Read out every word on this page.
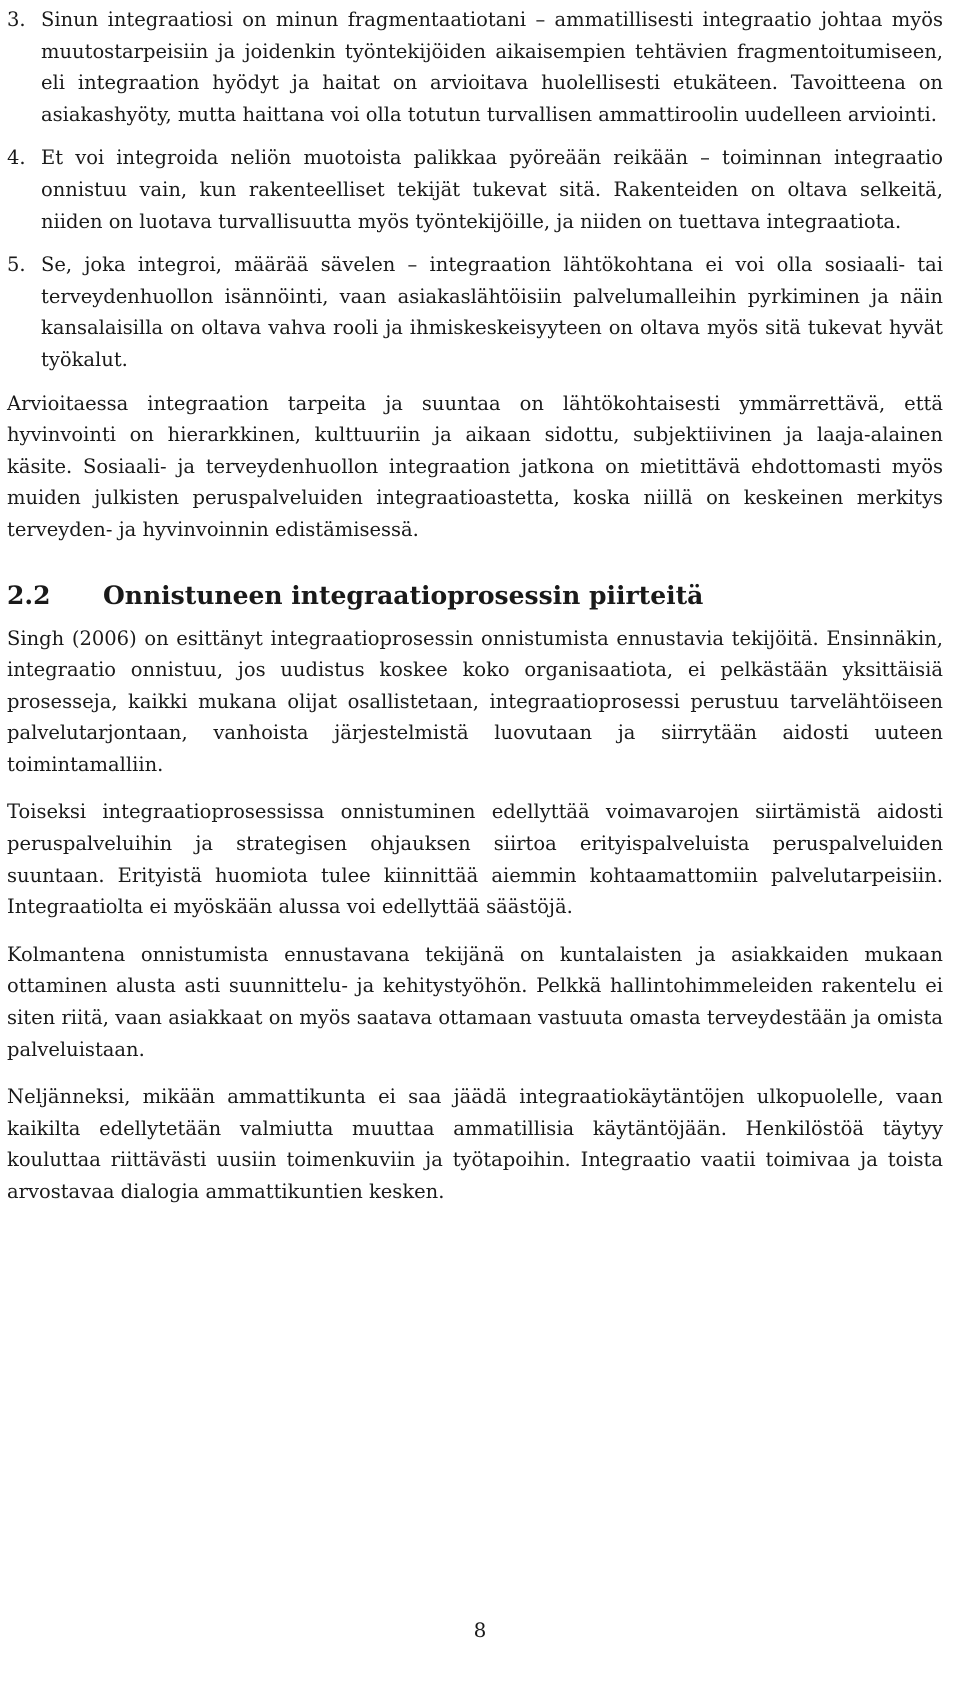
3. Sinun integraatiosi on minun fragmentaatiotani – ammatillisesti integraatio johtaa myös muutostarpeisiin ja joidenkin työntekijöiden aikaisempien tehtävien fragmentoitumiseen, eli integraation hyödyt ja haitat on arvioitava huolellisesti etukäteen. Tavoitteena on asiakashyöty, mutta haittana voi olla totutun turvallisen ammattiroolin uudelleen arviointi.
4. Et voi integroida neliön muotoista palikkaa pyöreään reikään – toiminnan integraatio onnistuu vain, kun rakenteelliset tekijät tukevat sitä. Rakenteiden on oltava selkeitä, niiden on luotava turvallisuutta myös työntekijöille, ja niiden on tuettava integraatiota.
5. Se, joka integroi, määrää sävelen – integraation lähtökohtana ei voi olla sosiaali- tai terveydenhuollon isännöinti, vaan asiakaslähtöisiin palvelumalleihin pyrkiminen ja näin kansalaisilla on oltava vahva rooli ja ihmiskeskeisyyteen on oltava myös sitä tukevat hyvät työkalut.

Arvioitaessa integraation tarpeita ja suuntaa on lähtökohtaisesti ymmärrettävä, että hyvinvointi on hierarkkinen, kulttuuriin ja aikaan sidottu, subjektiivinen ja laaja-alainen käsite. Sosiaali- ja terveydenhuollon integraation jatkona on mietittävä ehdottomasti myös muiden julkisten peruspalveluiden integraatioastetta, koska niillä on keskeinen merkitys terveyden- ja hyvinvoinnin edistämisessä.

2.2	Onnistuneen integraatioprosessin piirteitä

Singh (2006) on esittänyt integraatioprosessin onnistumista ennustavia tekijöitä. Ensinnäkin, integraatio onnistuu, jos uudistus koskee koko organisaatiota, ei pelkästään yksittäisiä prosesseja, kaikki mukana olijat osallistetaan, integraatioprosessi perustuu tarvelähtöiseen palvelutarjontaan, vanhoista järjestelmistä luovutaan ja siirrytään aidosti uuteen toimintamalliin.

Toiseksi integraatioprosessissa onnistuminen edellyttää voimavarojen siirtämistä aidosti peruspalveluihin ja strategisen ohjauksen siirtoa erityispalveluista peruspalveluiden suuntaan. Erityistä huomiota tulee kiinnittää aiemmin kohtaamattomiin palvelutarpeisiin. Integraatiolta ei myöskään alussa voi edellyttää säästöjä.

Kolmantena onnistumista ennustavana tekijänä on kuntalaisten ja asiakkaiden mukaan ottaminen alusta asti suunnittelu- ja kehitystyöhön. Pelkkä hallintohimmeleiden rakentelu ei siten riitä, vaan asiakkaat on myös saatava ottamaan vastuuta omasta terveydestään ja omista palveluistaan.

Neljänneksi, mikään ammattikunta ei saa jäädä integraatiokäytäntöjen ulkopuolelle, vaan kaikilta edellytetään valmiutta muuttaa ammatillisia käytäntöjään. Henkilöstöä täytyy kouluttaa riittävästi uusiin toimenkuviin ja työtapoihin. Integraatio vaatii toimivaa ja toista arvostavaa dialogia ammattikuntien kesken.

8
